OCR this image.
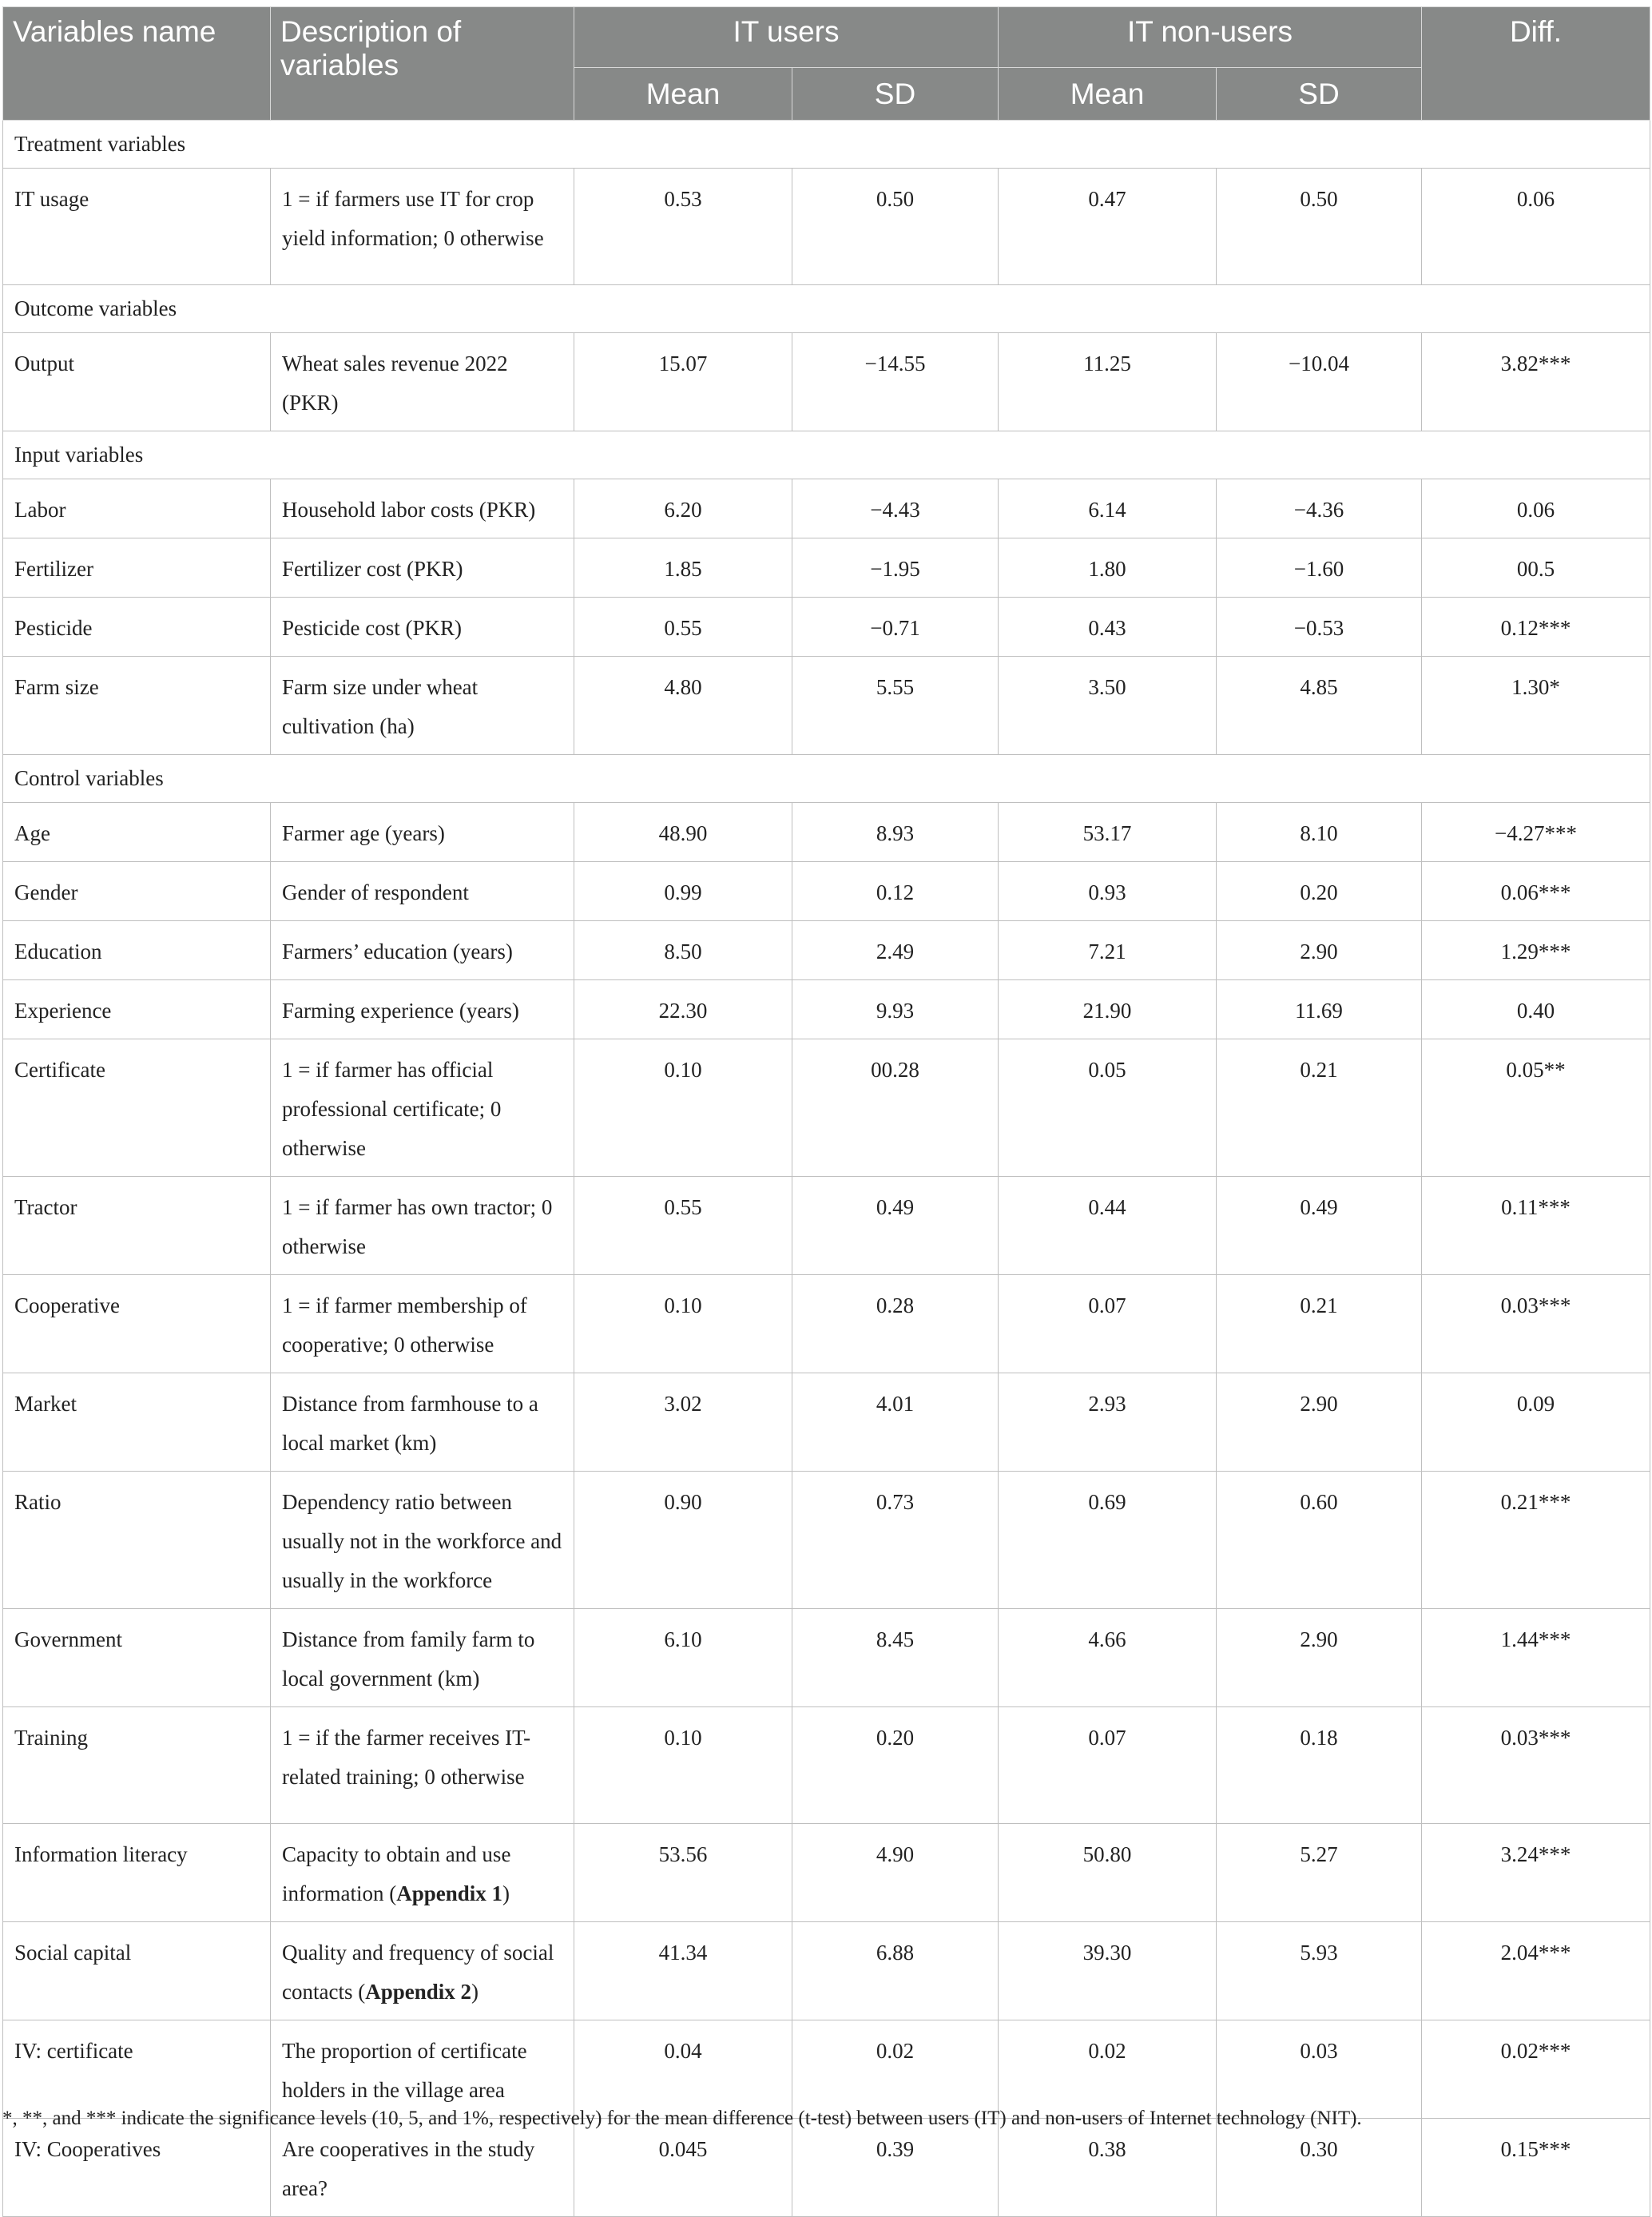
Variables name	Description of variables	IT users		IT non-users		Diff.
		Mean	SD	Mean	SD	
Treatment variables						
IT usage	1 = if farmers use IT for crop yield information; 0 otherwise	0.53	0.50	0.47	0.50	0.06
Outcome variables						
Output	Wheat sales revenue 2022 (PKR)	15.07	−14.55	11.25	−10.04	3.82***
Input variables						
Labor	Household labor costs (PKR)	6.20	−4.43	6.14	−4.36	0.06
Fertilizer	Fertilizer cost (PKR)	1.85	−1.95	1.80	−1.60	00.5
Pesticide	Pesticide cost (PKR)	0.55	−0.71	0.43	−0.53	0.12***
Farm size	Farm size under wheat cultivation (ha)	4.80	5.55	3.50	4.85	1.30*
Control variables						
Age	Farmer age (years)	48.90	8.93	53.17	8.10	−4.27***
Gender	Gender of respondent	0.99	0.12	0.93	0.20	0.06***
Education	Farmers’ education (years)	8.50	2.49	7.21	2.90	1.29***
Experience	Farming experience (years)	22.30	9.93	21.90	11.69	0.40
Certificate	1 = if farmer has official professional certificate; 0 otherwise	0.10	00.28	0.05	0.21	0.05**
Tractor	1 = if farmer has own tractor; 0 otherwise	0.55	0.49	0.44	0.49	0.11***
Cooperative	1 = if farmer membership of cooperative; 0 otherwise	0.10	0.28	0.07	0.21	0.03***
Market	Distance from farmhouse to a local market (km)	3.02	4.01	2.93	2.90	0.09
Ratio	Dependency ratio between usually not in the workforce and usually in the workforce	0.90	0.73	0.69	0.60	0.21***
Government	Distance from family farm to local government (km)	6.10	8.45	4.66	2.90	1.44***
Training	1 = if the farmer receives IT-related training; 0 otherwise	0.10	0.20	0.07	0.18	0.03***
Information literacy	Capacity to obtain and use information (Appendix 1)	53.56	4.90	50.80	5.27	3.24***
Social capital	Quality and frequency of social contacts (Appendix 2)	41.34	6.88	39.30	5.93	2.04***
IV: certificate	The proportion of certificate holders in the village area	0.04	0.02	0.02	0.03	0.02***
IV: Cooperatives	Are cooperatives in the study area?	0.045	0.39	0.38	0.30	0.15***
*, **, and *** indicate the significance levels (10, 5, and 1%, respectively) for the mean difference (t-test) between users (IT) and non-users of Internet technology (NIT).
